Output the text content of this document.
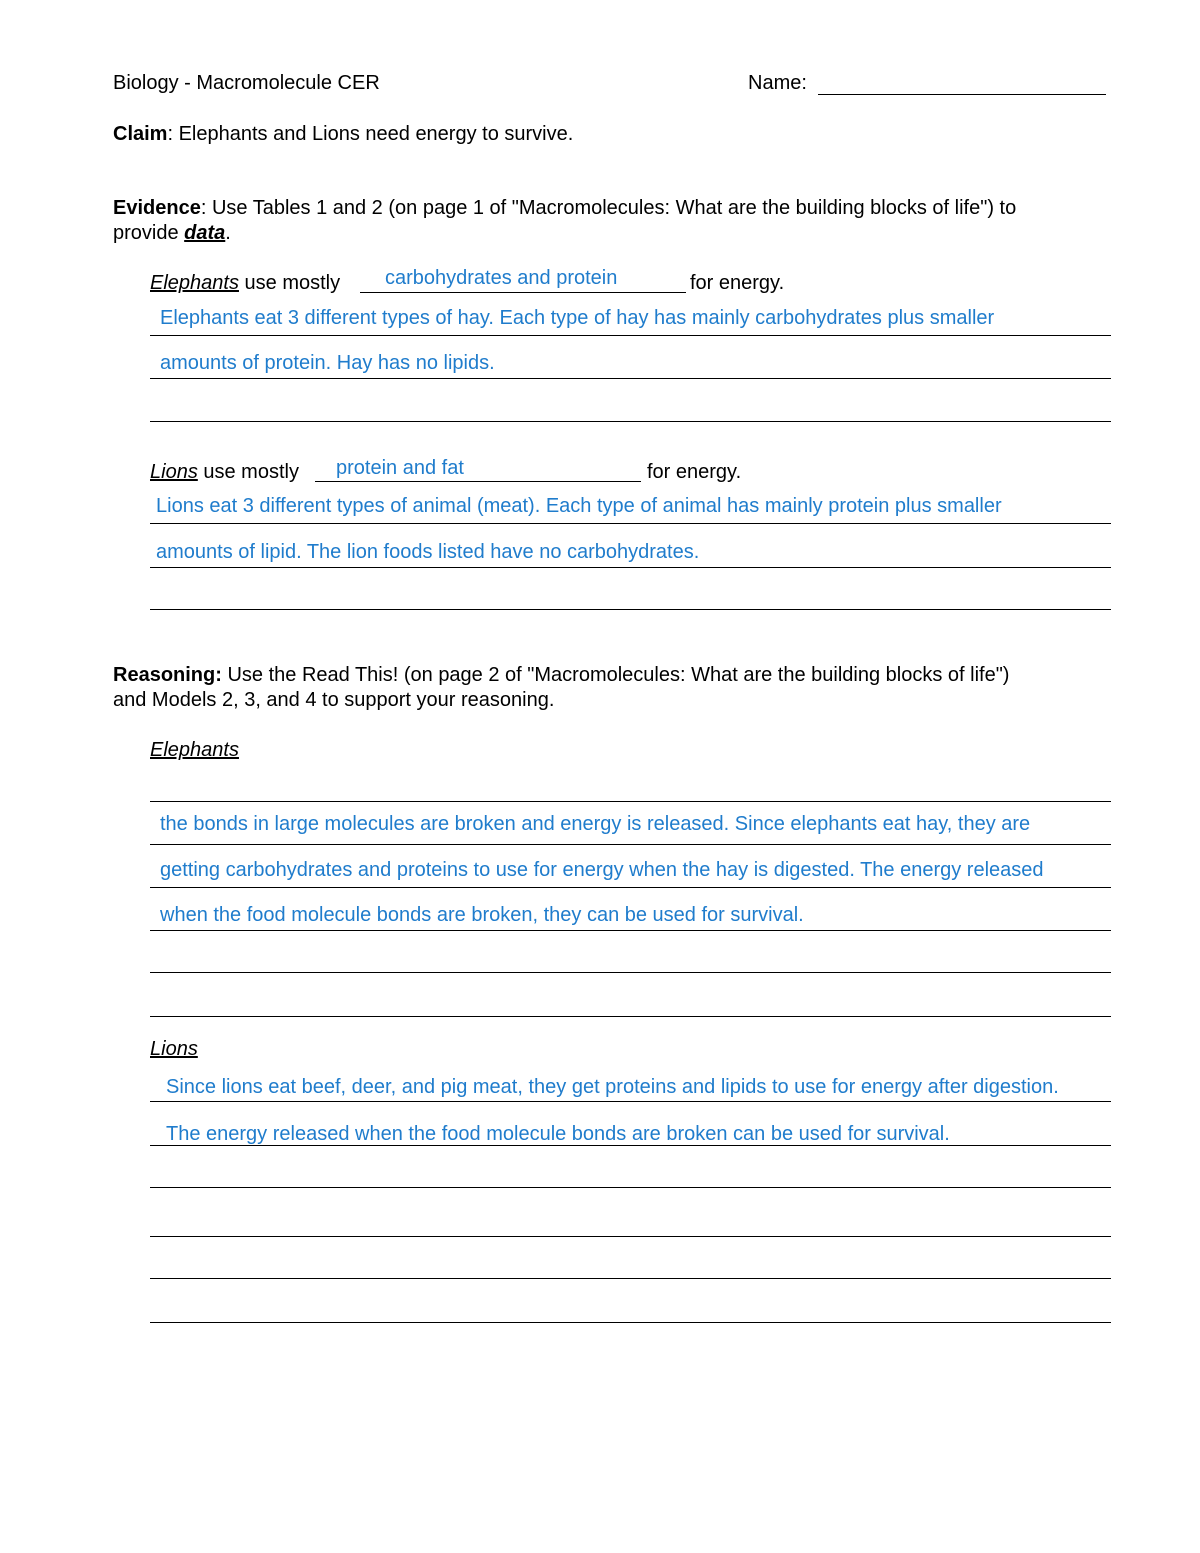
Biology - Macromolecule CER	Name:
Claim: Elephants and Lions need energy to survive.
Evidence: Use Tables 1 and 2 (on page 1 of "Macromolecules: What are the building blocks of life") to
provide data.
Elephants use mostly carbohydrates and protein	for energy.
Elephants eat 3 different types of hay. Each type of hay has mainly carbohydrates plus smaller
amounts of protein. Hay has no lipids.
Lions use mostly protein and fat	for energy.
Lions eat 3 different types of animal (meat). Each type of animal has mainly protein plus smaller
amounts of lipid. The lion foods listed have no carbohydrates.
Reasoning: Use the Read This! (on page 2 of "Macromolecules: What are the building blocks of life")
and Models 2, 3, and 4 to support your reasoning.
Elephants
the bonds in large molecules are broken and energy is released. Since elephants eat hay, they are
getting carbohydrates and proteins to use for energy when the hay is digested. The energy released
when the food molecule bonds are broken, they can be used for survival.
Lions
Since lions eat beef, deer, and pig meat, they get proteins and lipids to use for energy after digestion.
The energy released when the food molecule bonds are broken can be used for survival.
